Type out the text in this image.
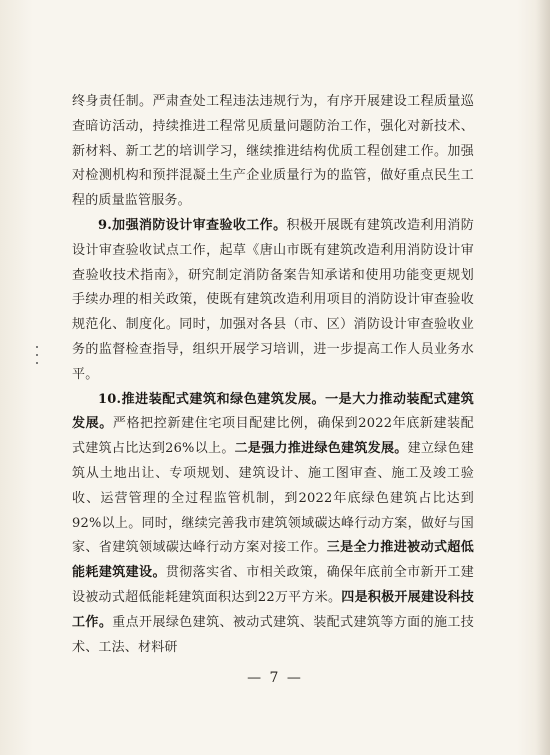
终身责任制。严肃查处工程违法违规行为，有序开展建设工程质量巡查暗访活动，持续推进工程常见质量问题防治工作，强化对新技术、新材料、新工艺的培训学习，继续推进结构优质工程创建工作。加强对检测机构和预拌混凝土生产企业质量行为的监管，做好重点民生工程的质量监管服务。

9.加强消防设计审查验收工作。积极开展既有建筑改造利用消防设计审查验收试点工作，起草《唐山市既有建筑改造利用消防设计审查验收技术指南》，研究制定消防备案告知承诺和使用功能变更规划手续办理的相关政策，使既有建筑改造利用项目的消防设计审查验收规范化、制度化。同时，加强对各县（市、区）消防设计审查验收业务的监督检查指导，组织开展学习培训，进一步提高工作人员业务水平。

10.推进装配式建筑和绿色建筑发展。一是大力推动装配式建筑发展。严格把控新建住宅项目配建比例，确保到2022年底新建装配式建筑占比达到26%以上。二是强力推进绿色建筑发展。建立绿色建筑从土地出让、专项规划、建筑设计、施工图审查、施工及竣工验收、运营管理的全过程监管机制，到2022年底绿色建筑占比达到92%以上。同时，继续完善我市建筑领域碳达峰行动方案，做好与国家、省建筑领域碳达峰行动方案对接工作。三是全力推进被动式超低能耗建筑建设。贯彻落实省、市相关政策，确保年底前全市新开工建设被动式超低能耗建筑面积达到22万平方米。四是积极开展建设科技工作。重点开展绿色建筑、被动式建筑、装配式建筑等方面的施工技术、工法、材料研

— 7 —
